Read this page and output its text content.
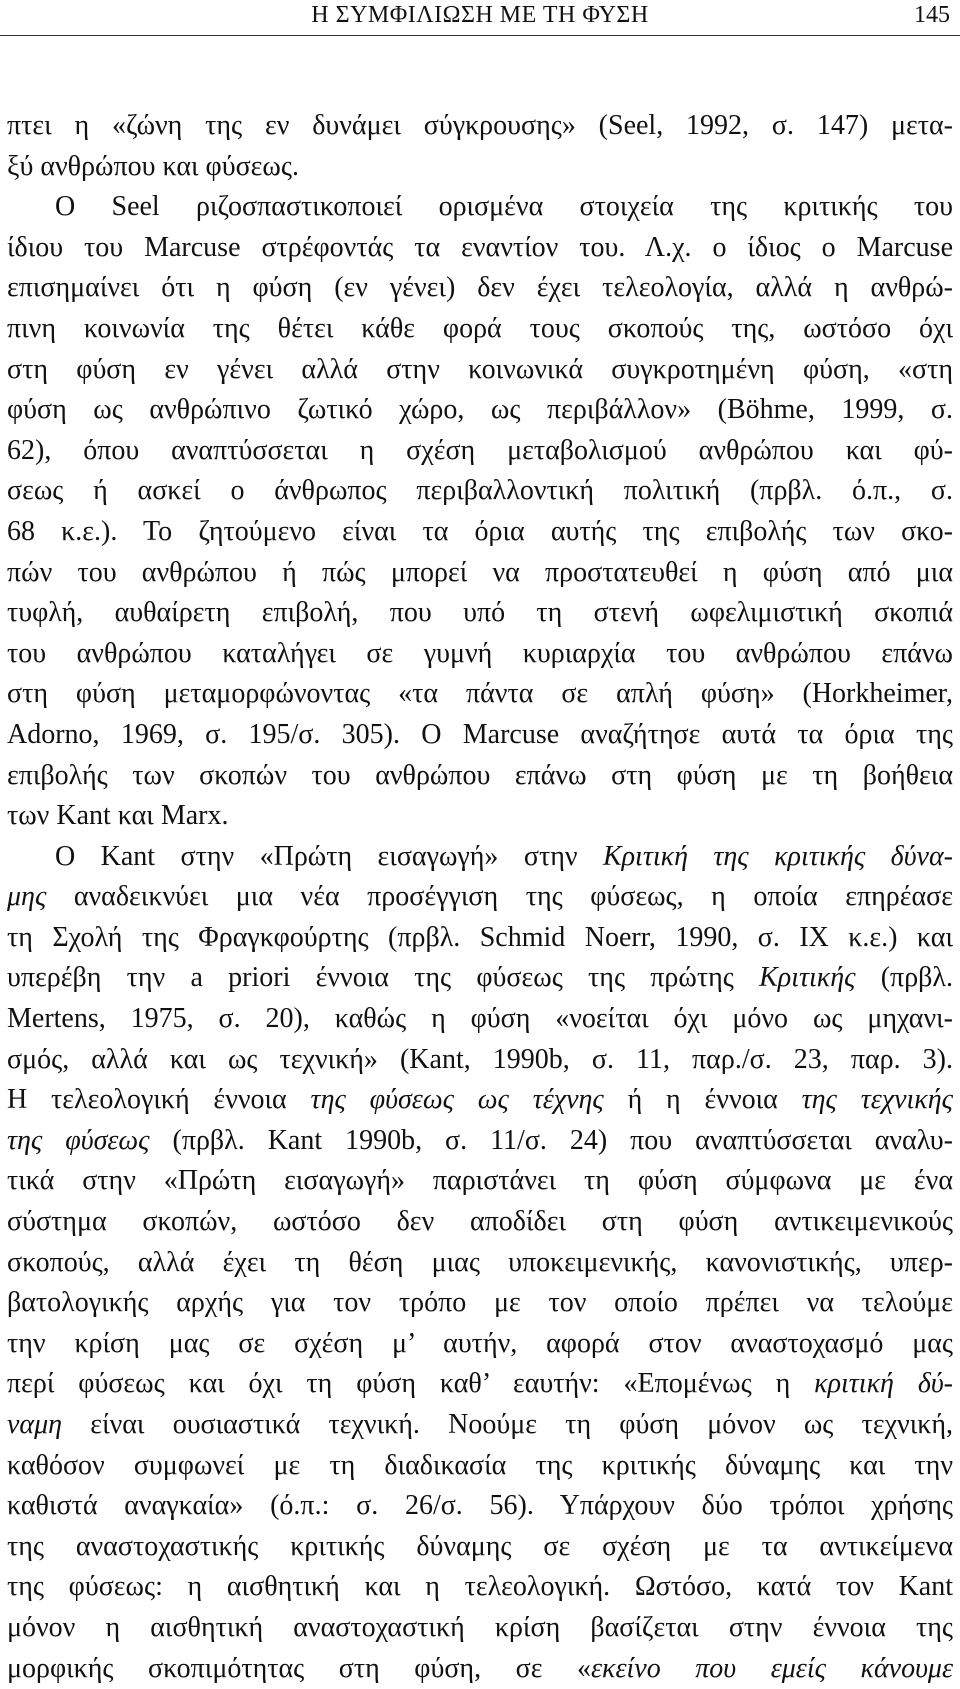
Η ΣΥΜΦΙΛΙΩΣΗ ΜΕ ΤΗ ΦΥΣΗ	145
πτει η «ζώνη της εν δυνάμει σύγκρουσης» (Seel, 1992, σ. 147) μετα-
ξύ ανθρώπου και φύσεως.
Ο Seel ριζοσπαστικοποιεί ορισμένα στοιχεία της κριτικής του
ίδιου του Marcuse στρέφοντάς τα εναντίον του. Λ.χ. ο ίδιος ο Marcuse
επισημαίνει ότι η φύση (εν γένει) δεν έχει τελεολογία, αλλά η ανθρώ-
πινη κοινωνία της θέτει κάθε φορά τους σκοπούς της, ωστόσο όχι
στη φύση εν γένει αλλά στην κοινωνικά συγκροτημένη φύση, «στη
φύση ως ανθρώπινο ζωτικό χώρο, ως περιβάλλον» (Böhme, 1999, σ.
62), όπου αναπτύσσεται η σχέση μεταβολισμού ανθρώπου και φύ-
σεως ή ασκεί ο άνθρωπος περιβαλλοντική πολιτική (πρβλ. ό.π., σ.
68 κ.ε.). Το ζητούμενο είναι τα όρια αυτής της επιβολής των σκο-
πών του ανθρώπου ή πώς μπορεί να προστατευθεί η φύση από μια
τυφλή, αυθαίρετη επιβολή, που υπό τη στενή ωφελιμιστική σκοπιά
του ανθρώπου καταλήγει σε γυμνή κυριαρχία του ανθρώπου επάνω
στη φύση μεταμορφώνοντας «τα πάντα σε απλή φύση» (Horkheimer,
Adorno, 1969, σ. 195/σ. 305). Ο Marcuse αναζήτησε αυτά τα όρια της
επιβολής των σκοπών του ανθρώπου επάνω στη φύση με τη βοήθεια
των Kant και Marx.
Ο Kant στην «Πρώτη εισαγωγή» στην Κριτική της κριτικής δύνα-
μης αναδεικνύει μια νέα προσέγγιση της φύσεως, η οποία επηρέασε
τη Σχολή της Φραγκφούρτης (πρβλ. Schmid Noerr, 1990, σ. IX κ.ε.) και
υπερέβη την a priori έννοια της φύσεως της πρώτης Κριτικής (πρβλ.
Mertens, 1975, σ. 20), καθώς η φύση «νοείται όχι μόνο ως μηχανι-
σμός, αλλά και ως τεχνική» (Kant, 1990b, σ. 11, παρ./σ. 23, παρ. 3).
Η τελεολογική έννοια της φύσεως ως τέχνης ή η έννοια της τεχνικής
της φύσεως (πρβλ. Kant 1990b, σ. 11/σ. 24) που αναπτύσσεται αναλυ-
τικά στην «Πρώτη εισαγωγή» παριστάνει τη φύση σύμφωνα με ένα
σύστημα σκοπών, ωστόσο δεν αποδίδει στη φύση αντικειμενικούς
σκοπούς, αλλά έχει τη θέση μιας υποκειμενικής, κανονιστικής, υπερ-
βατολογικής αρχής για τον τρόπο με τον οποίο πρέπει να τελούμε
την κρίση μας σε σχέση μ’ αυτήν, αφορά στον αναστοχασμό μας
περί φύσεως και όχι τη φύση καθ’ εαυτήν: «Επομένως η κριτική δύ-
ναμη είναι ουσιαστικά τεχνική. Νοούμε τη φύση μόνον ως τεχνική,
καθόσον συμφωνεί με τη διαδικασία της κριτικής δύναμης και την
καθιστά αναγκαία» (ό.π.: σ. 26/σ. 56). Υπάρχουν δύο τρόποι χρήσης
της αναστοχαστικής κριτικής δύναμης σε σχέση με τα αντικείμενα
της φύσεως: η αισθητική και η τελεολογική. Ωστόσο, κατά τον Kant
μόνον η αισθητική αναστοχαστική κρίση βασίζεται στην έννοια της
μορφικής σκοπιμότητας στη φύση, σε «εκείνο που εμείς κάνουμε
